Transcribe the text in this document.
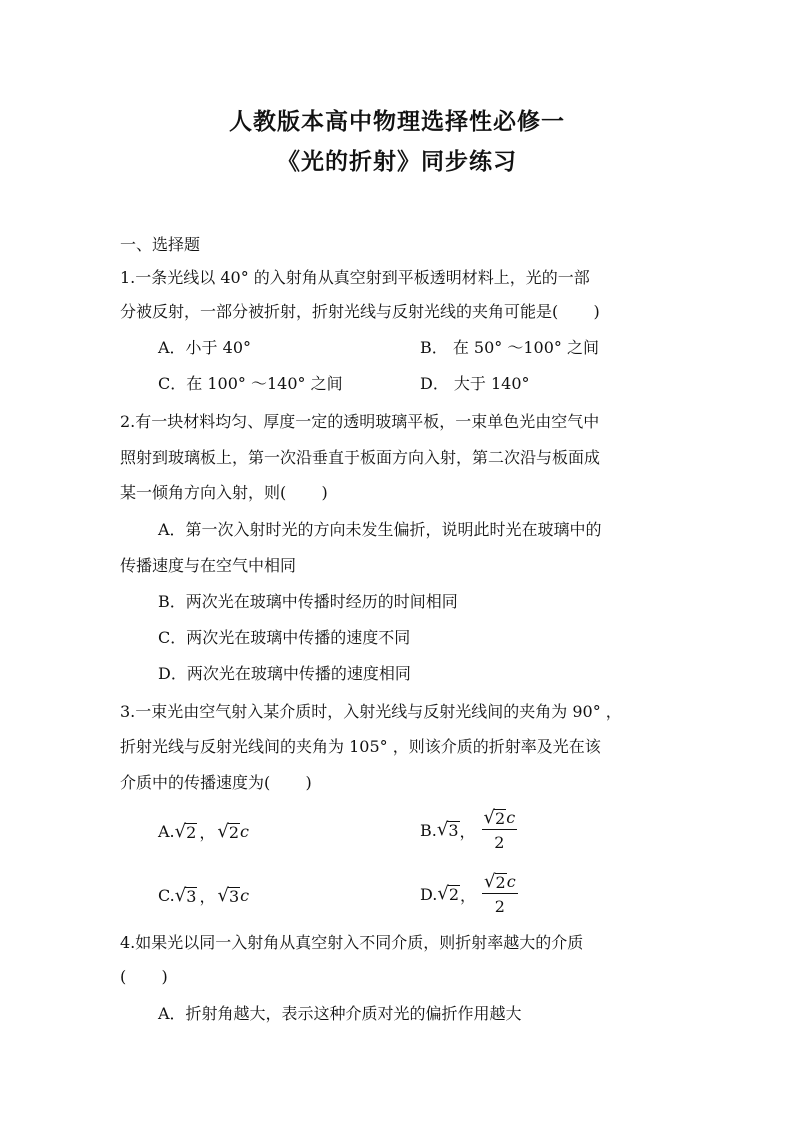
人教版本高中物理选择性必修一
《光的折射》同步练习
一、选择题
1.一条光线以 40° 的入射角从真空射到平板透明材料上，光的一部
分被反射，一部分被折射，折射光线与反射光线的夹角可能是( )
A．小于 40°	B． 在 50° ～100° 之间
C．在 100° ～140° 之间	D． 大于 140°
2.有一块材料均匀、厚度一定的透明玻璃平板，一束单色光由空气中
照射到玻璃板上，第一次沿垂直于板面方向入射，第二次沿与板面成
某一倾角方向入射，则( )
A．第一次入射时光的方向未发生偏折，说明此时光在玻璃中的
传播速度与在空气中相同
B．两次光在玻璃中传播时经历的时间相同
C．两次光在玻璃中传播的速度不同
D．两次光在玻璃中传播的速度相同
3.一束光由空气射入某介质时，入射光线与反射光线间的夹角为 90° ，
折射光线与反射光线间的夹角为 105° ，则该介质的折射率及光在该
介质中的传播速度为( )
A. √ 2 ， √ 2 c	B. √ 3 ， $\frac{√ 2 c}{2}$
C. √ 3 ， √ 3 c	D. √ 2 ， $\frac{√ 2 c}{2}$
4.如果光以同一入射角从真空射入不同介质，则折射率越大的介质
( )
A．折射角越大，表示这种介质对光的偏折作用越大
